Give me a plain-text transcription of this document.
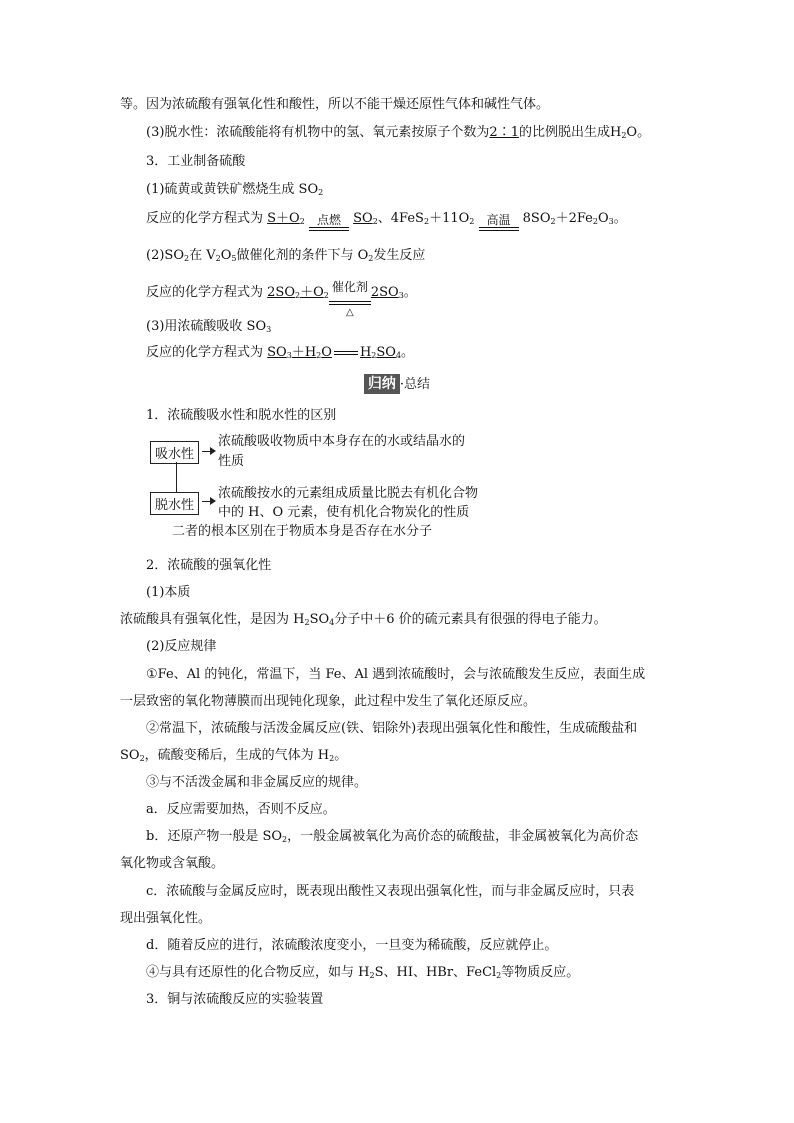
等。因为浓硫酸有强氧化性和酸性，所以不能干燥还原性气体和碱性气体。
(3)脱水性：浓硫酸能将有机物中的氢、氧元素按原子个数为2∶1的比例脱出生成$H_2O$。
3．工业制备硫酸
(1)硫黄或黄铁矿燃烧生成 $SO_2$
反应的化学方程式为 $S+O_2$	点燃 $SO_2$、$4FeS_2+11O_2$	高温 $8SO_2+2Fe_2O_3$。
$(2)SO_2$在 $V_2O_5$做催化剂的条件下与 $O_2$发生反应
反应的化学方程式为 $2SO_2+O_2$
催化剂
△
$2SO_3$。
(3)用浓硫酸吸收 $SO_3$
反应的化学方程式为 $SO_3+H_2O$ $H_2SO_4$。
归纳 ·总结
1．浓硫酸吸水性和脱水性的区别
吸水性
脱水性
浓硫酸吸收物质中本身存在的水或结晶水的
性质
浓硫酸按水的元素组成质量比脱去有机化合物
中的 H、O 元素，使有机化合物炭化的性质
二者的根本区别在于物质本身是否存在水分子
2．浓硫酸的强氧化性
(1)本质
浓硫酸具有强氧化性，是因为 $H_2SO_4$分子中＋6 价的硫元素具有很强的得电子能力。
(2)反应规律
①Fe、Al 的钝化，常温下，当 Fe、Al 遇到浓硫酸时，会与浓硫酸发生反应，表面生成
一层致密的氧化物薄膜而出现钝化现象，此过程中发生了氧化还原反应。
②常温下，浓硫酸与活泼金属反应(铁、铝除外)表现出强氧化性和酸性，生成硫酸盐和
$SO_2$，硫酸变稀后，生成的气体为 $H_2$。
③与不活泼金属和非金属反应的规律。
a．反应需要加热，否则不反应。
b．还原产物一般是 $SO_2$，一般金属被氧化为高价态的硫酸盐，非金属被氧化为高价态
氧化物或含氧酸。
c．浓硫酸与金属反应时，既表现出酸性又表现出强氧化性，而与非金属反应时，只表
现出强氧化性。
d．随着反应的进行，浓硫酸浓度变小，一旦变为稀硫酸，反应就停止。
④与具有还原性的化合物反应，如与 $H_2S$、HI、HBr、FeCl$_2$等物质反应。
3．铜与浓硫酸反应的实验装置
